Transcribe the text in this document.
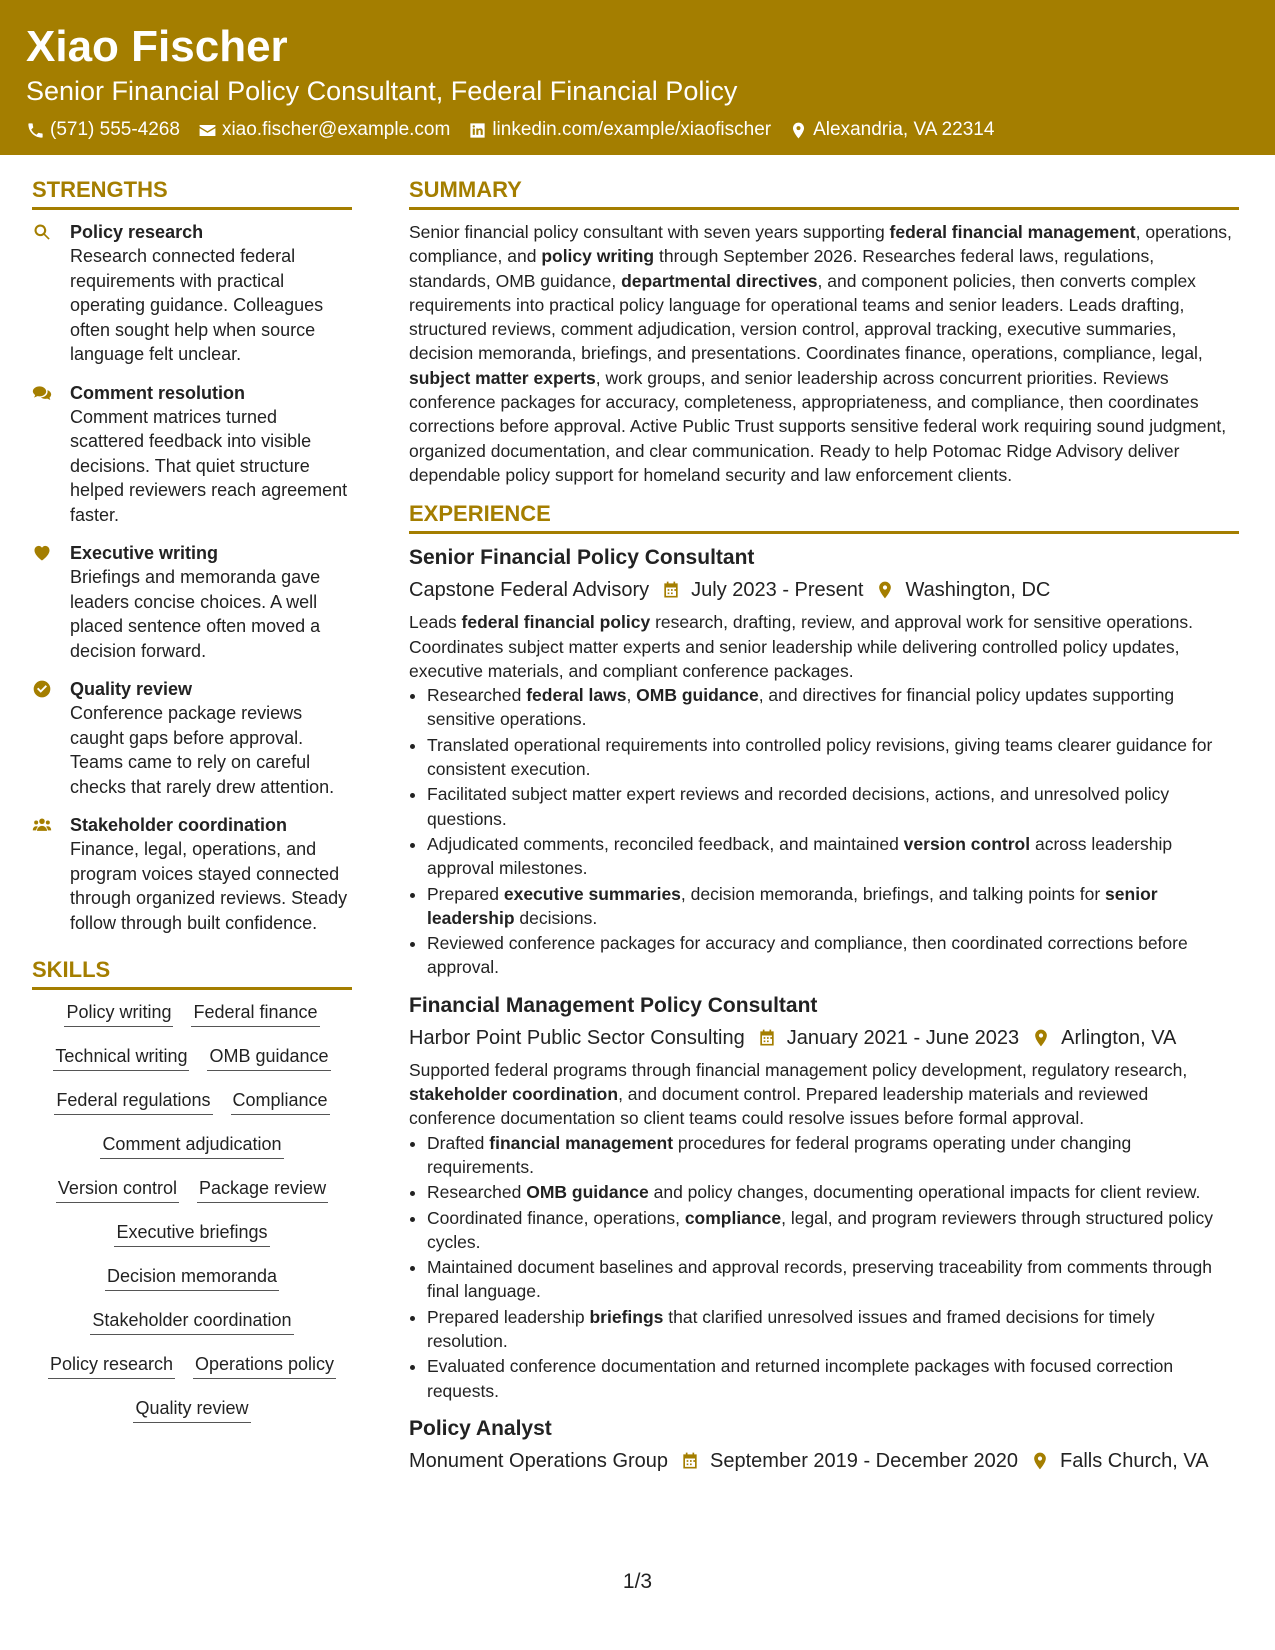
Xiao Fischer
Senior Financial Policy Consultant, Federal Financial Policy
(571) 555-4268 xiao.fischer@example.com linkedin.com/example/xiaofischer Alexandria, VA 22314
STRENGTHS
Policy research
Research connected federal requirements with practical operating guidance. Colleagues often sought help when source language felt unclear.
Comment resolution
Comment matrices turned scattered feedback into visible decisions. That quiet structure helped reviewers reach agreement faster.
Executive writing
Briefings and memoranda gave leaders concise choices. A well placed sentence often moved a decision forward.
Quality review
Conference package reviews caught gaps before approval. Teams came to rely on careful checks that rarely drew attention.
Stakeholder coordination
Finance, legal, operations, and program voices stayed connected through organized reviews. Steady follow through built confidence.
SKILLS
Policy writing Federal finance
Technical writing OMB guidance
Federal regulations Compliance
Comment adjudication
Version control Package review
Executive briefings
Decision memoranda
Stakeholder coordination
Policy research Operations policy
Quality review
SUMMARY
Senior financial policy consultant with seven years supporting federal financial management, operations, compliance, and policy writing through September 2026. Researches federal laws, regulations, standards, OMB guidance, departmental directives, and component policies, then converts complex requirements into practical policy language for operational teams and senior leaders. Leads drafting, structured reviews, comment adjudication, version control, approval tracking, executive summaries, decision memoranda, briefings, and presentations. Coordinates finance, operations, compliance, legal, subject matter experts, work groups, and senior leadership across concurrent priorities. Reviews conference packages for accuracy, completeness, appropriateness, and compliance, then coordinates corrections before approval. Active Public Trust supports sensitive federal work requiring sound judgment, organized documentation, and clear communication. Ready to help Potomac Ridge Advisory deliver dependable policy support for homeland security and law enforcement clients.
EXPERIENCE
Senior Financial Policy Consultant
Capstone Federal Advisory July 2023 - Present Washington, DC
Leads federal financial policy research, drafting, review, and approval work for sensitive operations. Coordinates subject matter experts and senior leadership while delivering controlled policy updates, executive materials, and compliant conference packages.
• Researched federal laws, OMB guidance, and directives for financial policy updates supporting sensitive operations.
• Translated operational requirements into controlled policy revisions, giving teams clearer guidance for consistent execution.
• Facilitated subject matter expert reviews and recorded decisions, actions, and unresolved policy questions.
• Adjudicated comments, reconciled feedback, and maintained version control across leadership approval milestones.
• Prepared executive summaries, decision memoranda, briefings, and talking points for senior leadership decisions.
• Reviewed conference packages for accuracy and compliance, then coordinated corrections before approval.
Financial Management Policy Consultant
Harbor Point Public Sector Consulting January 2021 - June 2023 Arlington, VA
Supported federal programs through financial management policy development, regulatory research, stakeholder coordination, and document control. Prepared leadership materials and reviewed conference documentation so client teams could resolve issues before formal approval.
• Drafted financial management procedures for federal programs operating under changing requirements.
• Researched OMB guidance and policy changes, documenting operational impacts for client review.
• Coordinated finance, operations, compliance, legal, and program reviewers through structured policy cycles.
• Maintained document baselines and approval records, preserving traceability from comments through final language.
• Prepared leadership briefings that clarified unresolved issues and framed decisions for timely resolution.
• Evaluated conference documentation and returned incomplete packages with focused correction requests.
Policy Analyst
Monument Operations Group September 2019 - December 2020 Falls Church, VA
1/3
